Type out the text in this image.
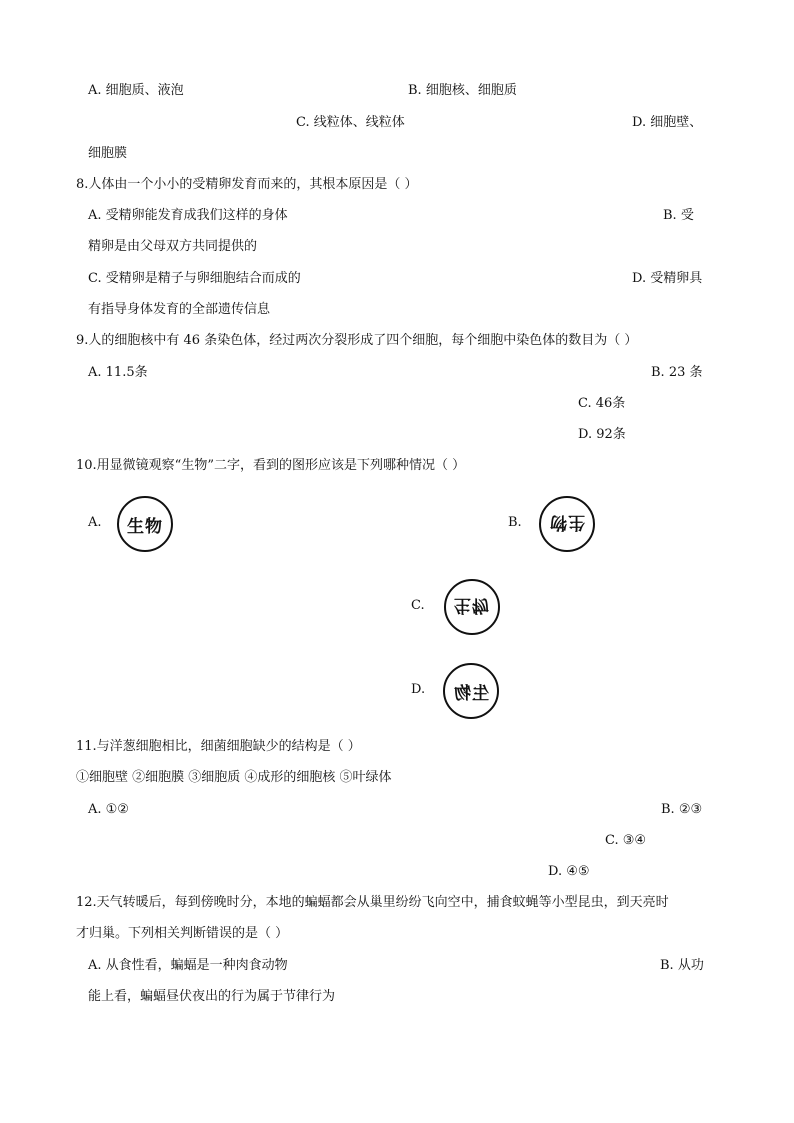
A. 细胞质、液泡	B. 细胞核、细胞质
C. 线粒体、线粒体	D. 细胞壁、
细胞膜
8.人体由一个小小的受精卵发育而来的，其根本原因是（ ）
A. 受精卵能发育成我们这样的身体	B. 受
精卵是由父母双方共同提供的
C. 受精卵是精子与卵细胞结合而成的	D. 受精卵具
有指导身体发育的全部遗传信息
9.人的细胞核中有 46 条染色体，经过两次分裂形成了四个细胞，每个细胞中染色体的数目为（ ）
A. 11.5条	B. 23 条
C. 46条
D. 92条
10.用显微镜观察“生物”二字，看到的图形应该是下列哪种情况（ ）
A. 生物	B. 生物
C. 生物
D. 生物
11.与洋葱细胞相比，细菌细胞缺少的结构是（ ）
①细胞壁 ②细胞膜 ③细胞质 ④成形的细胞核 ⑤叶绿体
A. ①②	B. ②③
C. ③④
D. ④⑤
12.天气转暖后，每到傍晚时分，本地的蝙蝠都会从巢里纷纷飞向空中，捕食蚊蝇等小型昆虫，到天亮时
才归巢。下列相关判断错误的是（ ）
A. 从食性看，蝙蝠是一种肉食动物	B. 从功
能上看，蝙蝠昼伏夜出的行为属于节律行为
